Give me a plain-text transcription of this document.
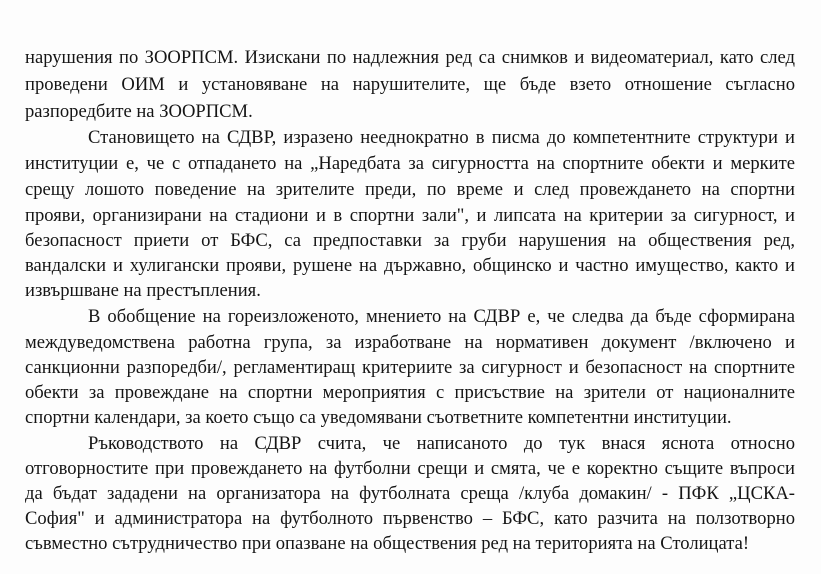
нарушения по ЗООРПСМ. Изискани по надлежния ред са снимков и видеоматериал, като след
проведени ОИМ и установяване на нарушителите, ще бъде взето отношение съгласно
разпоредбите на ЗООРПСМ.
Становището на СДВР, изразено нееднократно в писма до компетентните структури и
институции е, че с отпадането на „Наредбата за сигурността на спортните обекти и мерките
срещу лошото поведение на зрителите преди, по време и след провеждането на спортни
прояви, организирани на стадиони и в спортни зали", и липсата на критерии за сигурност, и
безопасност приети от БФС, са предпоставки за груби нарушения на обществения ред,
вандалски и хулигански прояви, рушене на държавно, общинско и частно имущество, както и
извършване на престъпления.
В обобщение на гореизложеното, мнението на СДВР е, че следва да бъде сформирана
междуведомствена работна група, за изработване на нормативен документ /включено и
санкционни разпоредби/, регламентиращ критериите за сигурност и безопасност на спортните
обекти за провеждане на спортни мероприятия с присъствие на зрители от националните
спортни календари, за което също са уведомявани съответните компетентни институции.
Ръководството на СДВР счита, че написаното до тук внася яснота относно
отговорностите при провеждането на футболни срещи и смята, че е коректно същите въпроси
да бъдат зададени на организатора на футболната среща /клуба домакин/ - ПФК „ЦСКА-
София" и администратора на футболното първенство – БФС, като разчита на ползотворно
съвместно сътрудничество при опазване на обществения ред на територията на Столицата!
